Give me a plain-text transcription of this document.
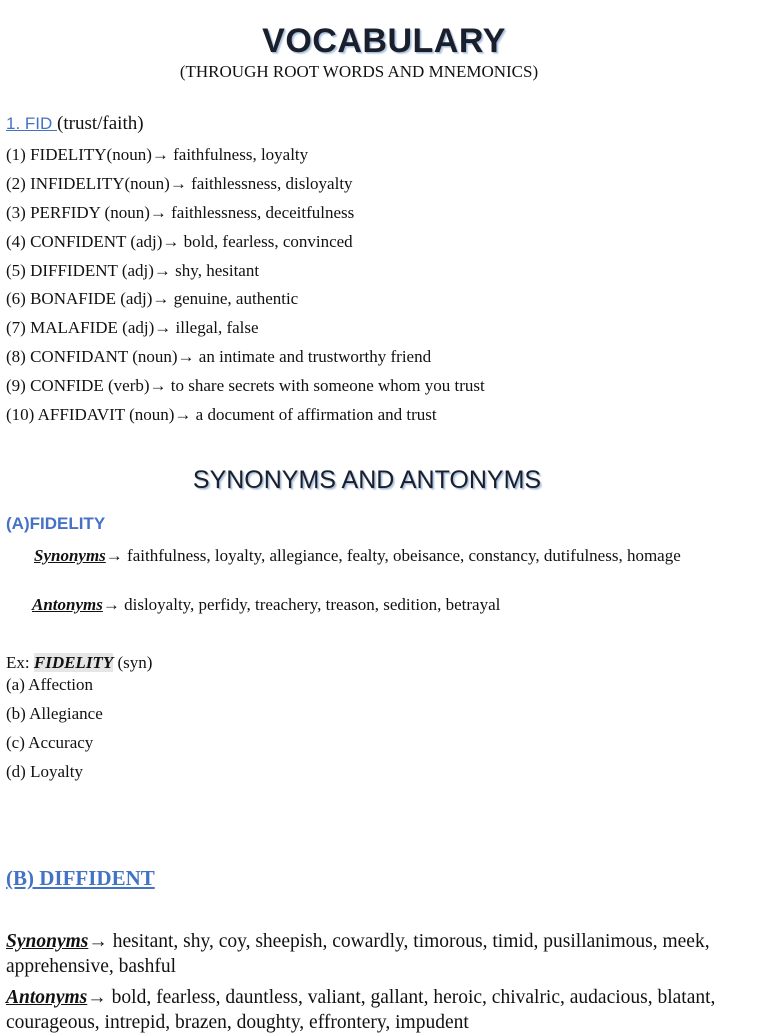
VOCABULARY
(THROUGH ROOT WORDS AND MNEMONICS)
1. FID (trust/faith)
(1) FIDELITY(noun)→ faithfulness, loyalty
(2) INFIDELITY(noun)→ faithlessness, disloyalty
(3) PERFIDY (noun)→ faithlessness, deceitfulness
(4) CONFIDENT (adj)→ bold, fearless, convinced
(5) DIFFIDENT (adj)→ shy, hesitant
(6) BONAFIDE (adj)→ genuine, authentic
(7) MALAFIDE (adj)→ illegal, false
(8) CONFIDANT (noun)→ an intimate and trustworthy friend
(9) CONFIDE (verb)→ to share secrets with someone whom you trust
(10) AFFIDAVIT (noun)→ a document of affirmation and trust
SYNONYMS AND ANTONYMS
(A)FIDELITY
Synonyms→ faithfulness, loyalty, allegiance, fealty, obeisance, constancy, dutifulness, homage
Antonyms→ disloyalty, perfidy, treachery, treason, sedition, betrayal
Ex: FIDELITY (syn)
(a) Affection
(b) Allegiance
(c) Accuracy
(d) Loyalty
(B) DIFFIDENT
Synonyms→ hesitant, shy, coy, sheepish, cowardly, timorous, timid, pusillanimous, meek, apprehensive, bashful
Antonyms→ bold, fearless, dauntless, valiant, gallant, heroic, chivalric, audacious, blatant, courageous, intrepid, brazen, doughty, effrontery, impudent
